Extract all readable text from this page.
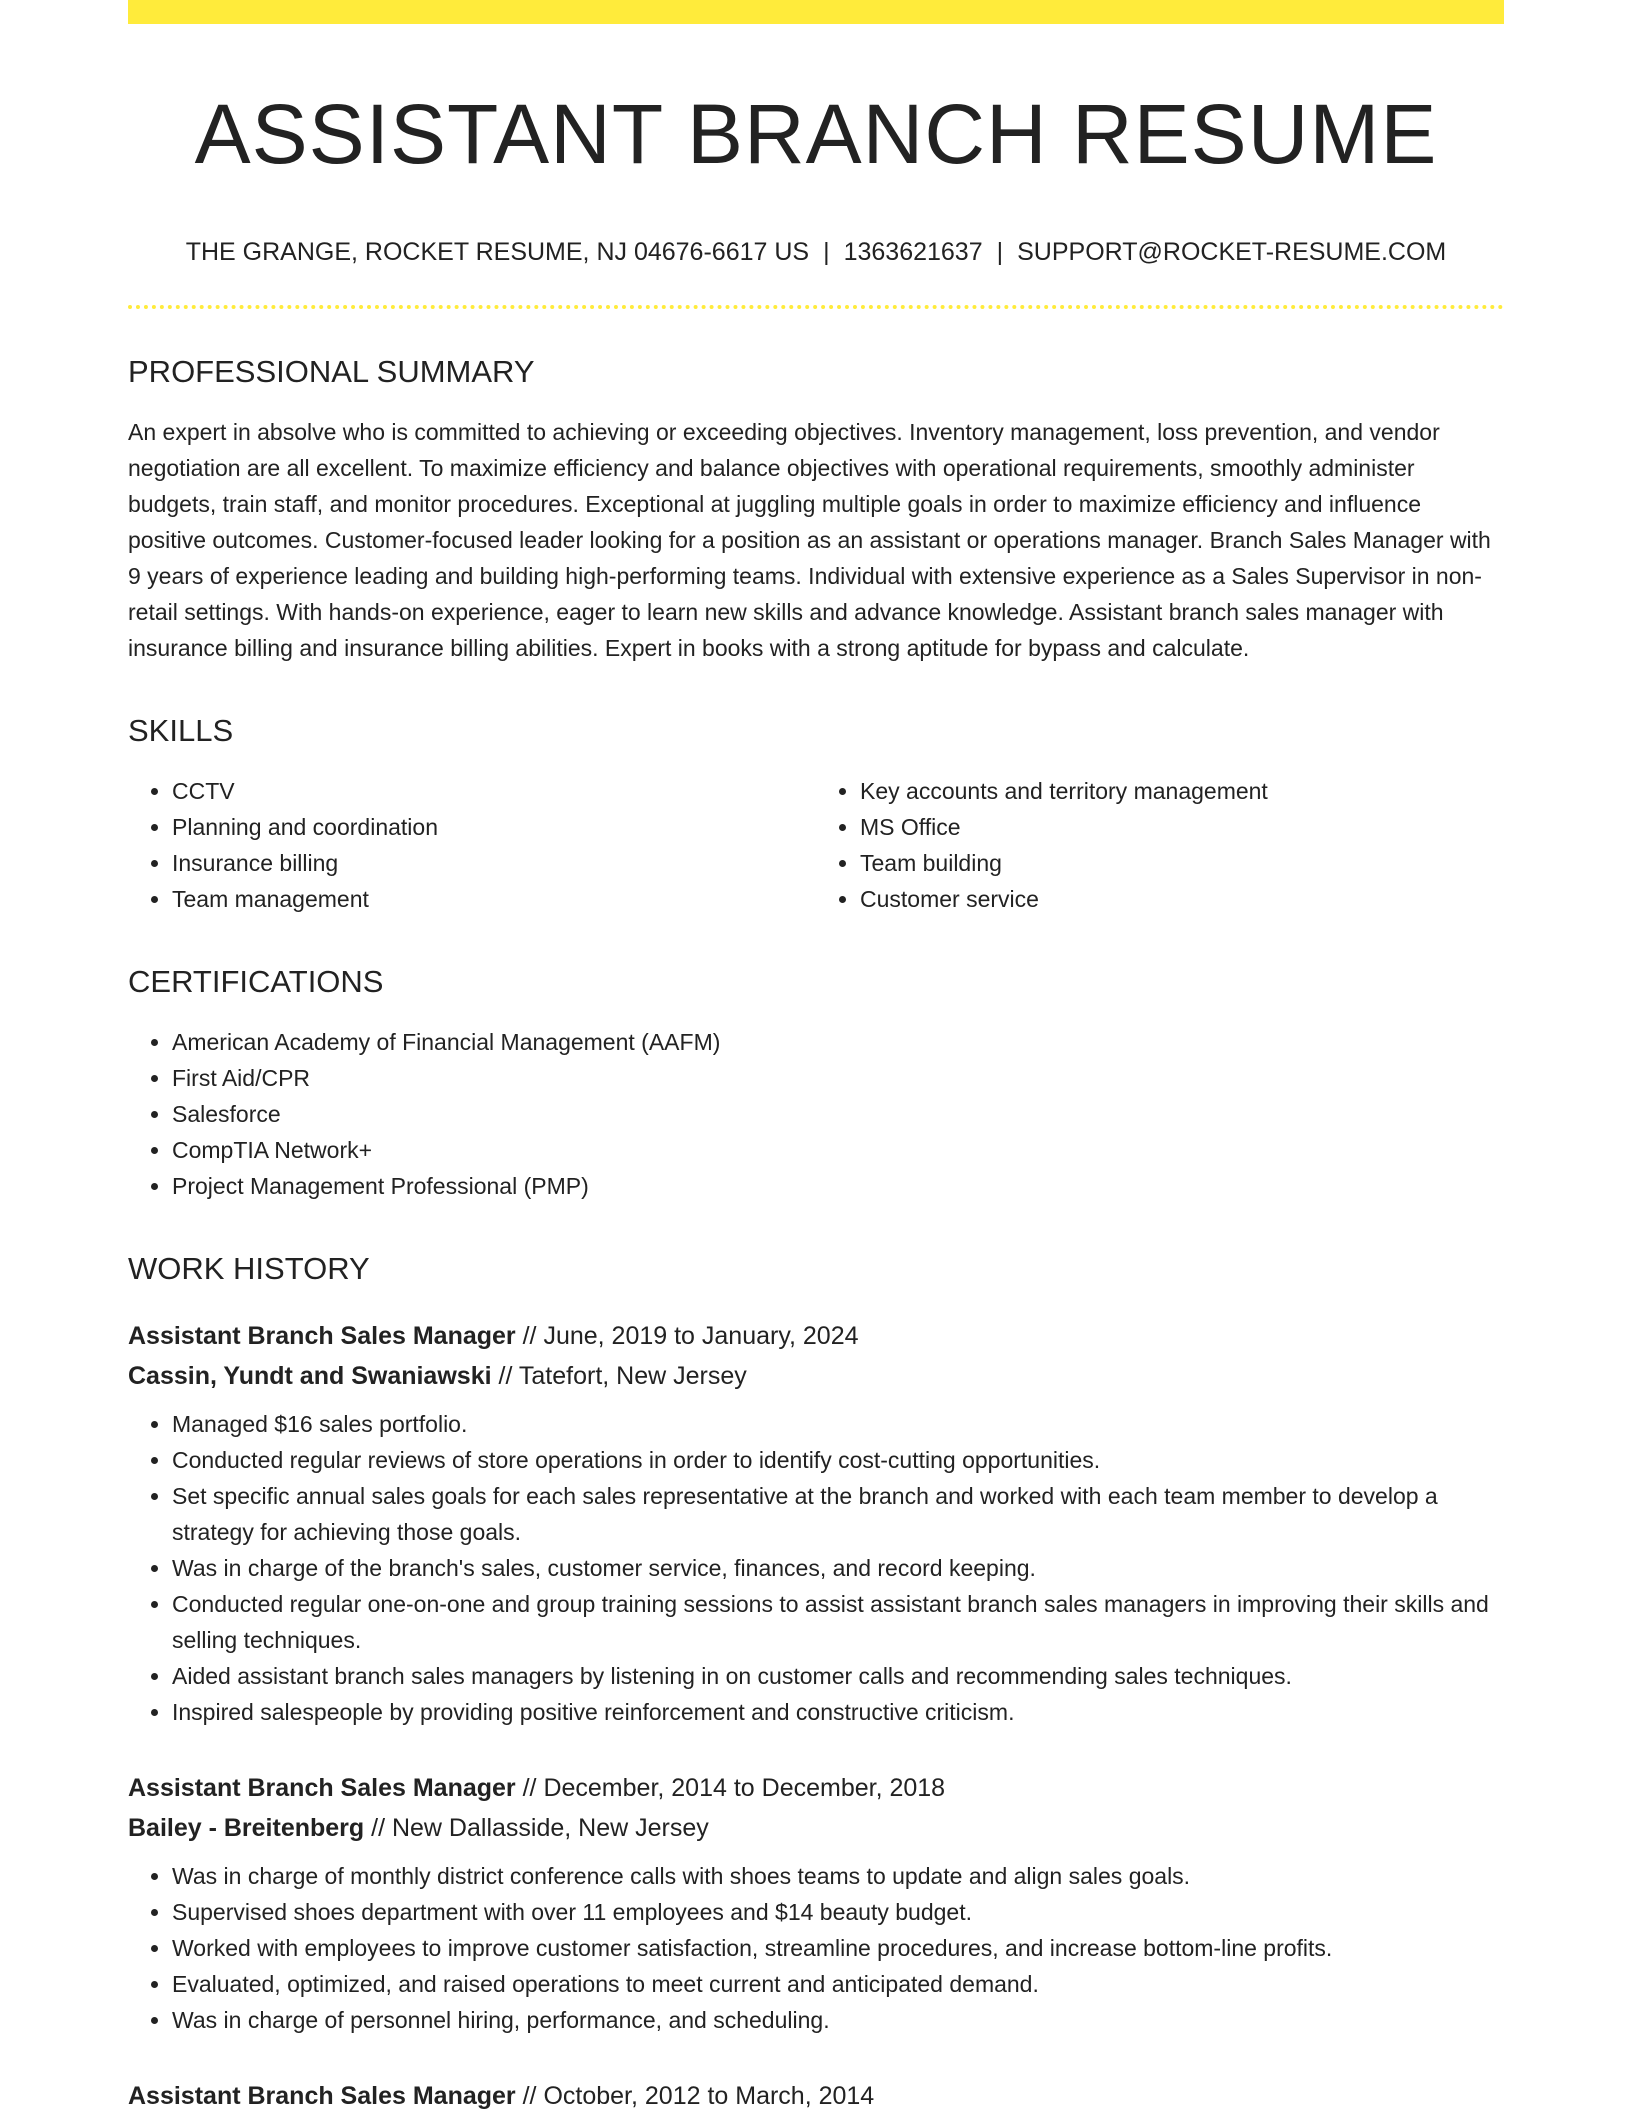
ASSISTANT BRANCH RESUME
THE GRANGE, ROCKET RESUME, NJ 04676-6617 US | 1363621637 | SUPPORT@ROCKET-RESUME.COM
PROFESSIONAL SUMMARY

An expert in absolve who is committed to achieving or exceeding objectives. Inventory management, loss prevention, and vendor negotiation are all excellent. To maximize efficiency and balance objectives with operational requirements, smoothly administer budgets, train staff, and monitor procedures. Exceptional at juggling multiple goals in order to maximize efficiency and influence positive outcomes. Customer-focused leader looking for a position as an assistant or operations manager. Branch Sales Manager with 9 years of experience leading and building high-performing teams. Individual with extensive experience as a Sales Supervisor in non-retail settings. With hands-on experience, eager to learn new skills and advance knowledge. Assistant branch sales manager with insurance billing and insurance billing abilities. Expert in books with a strong aptitude for bypass and calculate.

SKILLS
• CCTV
• Planning and coordination
• Insurance billing
• Team management
• Key accounts and territory management
• MS Office
• Team building
• Customer service
CERTIFICATIONS
• American Academy of Financial Management (AAFM)
• First Aid/CPR
• Salesforce
• CompTIA Network+
• Project Management Professional (PMP)
WORK HISTORY
Assistant Branch Sales Manager // June, 2019 to January, 2024
Cassin, Yundt and Swaniawski // Tatefort, New Jersey
• Managed $16 sales portfolio.
• Conducted regular reviews of store operations in order to identify cost-cutting opportunities.
• Set specific annual sales goals for each sales representative at the branch and worked with each team member to develop a strategy for achieving those goals.
• Was in charge of the branch's sales, customer service, finances, and record keeping.
• Conducted regular one-on-one and group training sessions to assist assistant branch sales managers in improving their skills and selling techniques.
• Aided assistant branch sales managers by listening in on customer calls and recommending sales techniques.
• Inspired salespeople by providing positive reinforcement and constructive criticism.
Assistant Branch Sales Manager // December, 2014 to December, 2018
Bailey - Breitenberg // New Dallasside, New Jersey
• Was in charge of monthly district conference calls with shoes teams to update and align sales goals.
• Supervised shoes department with over 11 employees and $14 beauty budget.
• Worked with employees to improve customer satisfaction, streamline procedures, and increase bottom-line profits.
• Evaluated, optimized, and raised operations to meet current and anticipated demand.
• Was in charge of personnel hiring, performance, and scheduling.
Assistant Branch Sales Manager // October, 2012 to March, 2014
